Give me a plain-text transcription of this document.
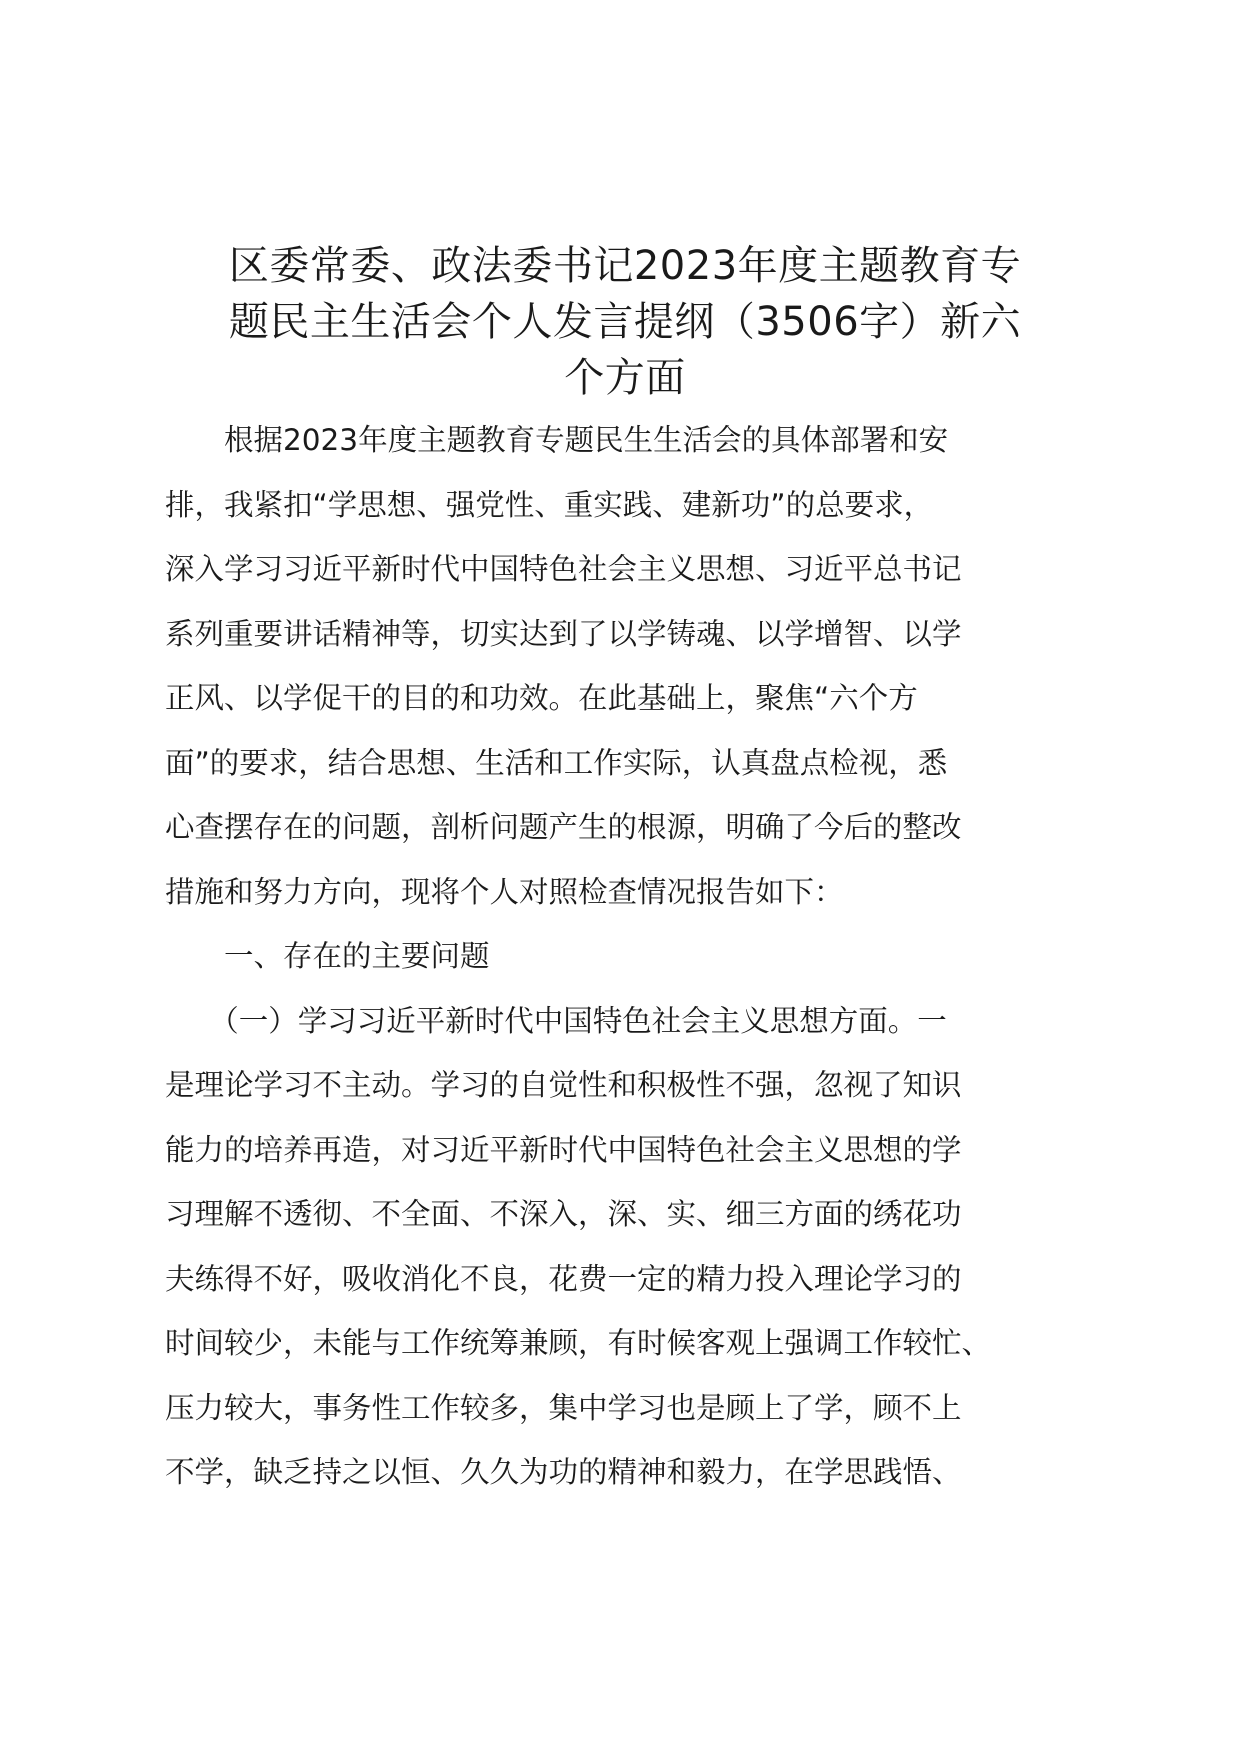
区委常委、政法委书记2023年度主题教育专
题民主生活会个人发言提纲（3506字）新六
个方面
　　根据2023年度主题教育专题民生生活会的具体部署和安
排，我紧扣“学思想、强党性、重实践、建新功”的总要求，
深入学习习近平新时代中国特色社会主义思想、习近平总书记
系列重要讲话精神等，切实达到了以学铸魂、以学增智、以学
正风、以学促干的目的和功效。在此基础上，聚焦“六个方
面”的要求，结合思想、生活和工作实际，认真盘点检视，悉
心查摆存在的问题，剖析问题产生的根源，明确了今后的整改
措施和努力方向，现将个人对照检查情况报告如下：
　　一、存在的主要问题
　　（一）学习习近平新时代中国特色社会主义思想方面。一
是理论学习不主动。学习的自觉性和积极性不强，忽视了知识
能力的培养再造，对习近平新时代中国特色社会主义思想的学
习理解不透彻、不全面、不深入，深、实、细三方面的绣花功
夫练得不好，吸收消化不良，花费一定的精力投入理论学习的
时间较少，未能与工作统筹兼顾，有时候客观上强调工作较忙、
压力较大，事务性工作较多，集中学习也是顾上了学，顾不上
不学，缺乏持之以恒、久久为功的精神和毅力，在学思践悟、
